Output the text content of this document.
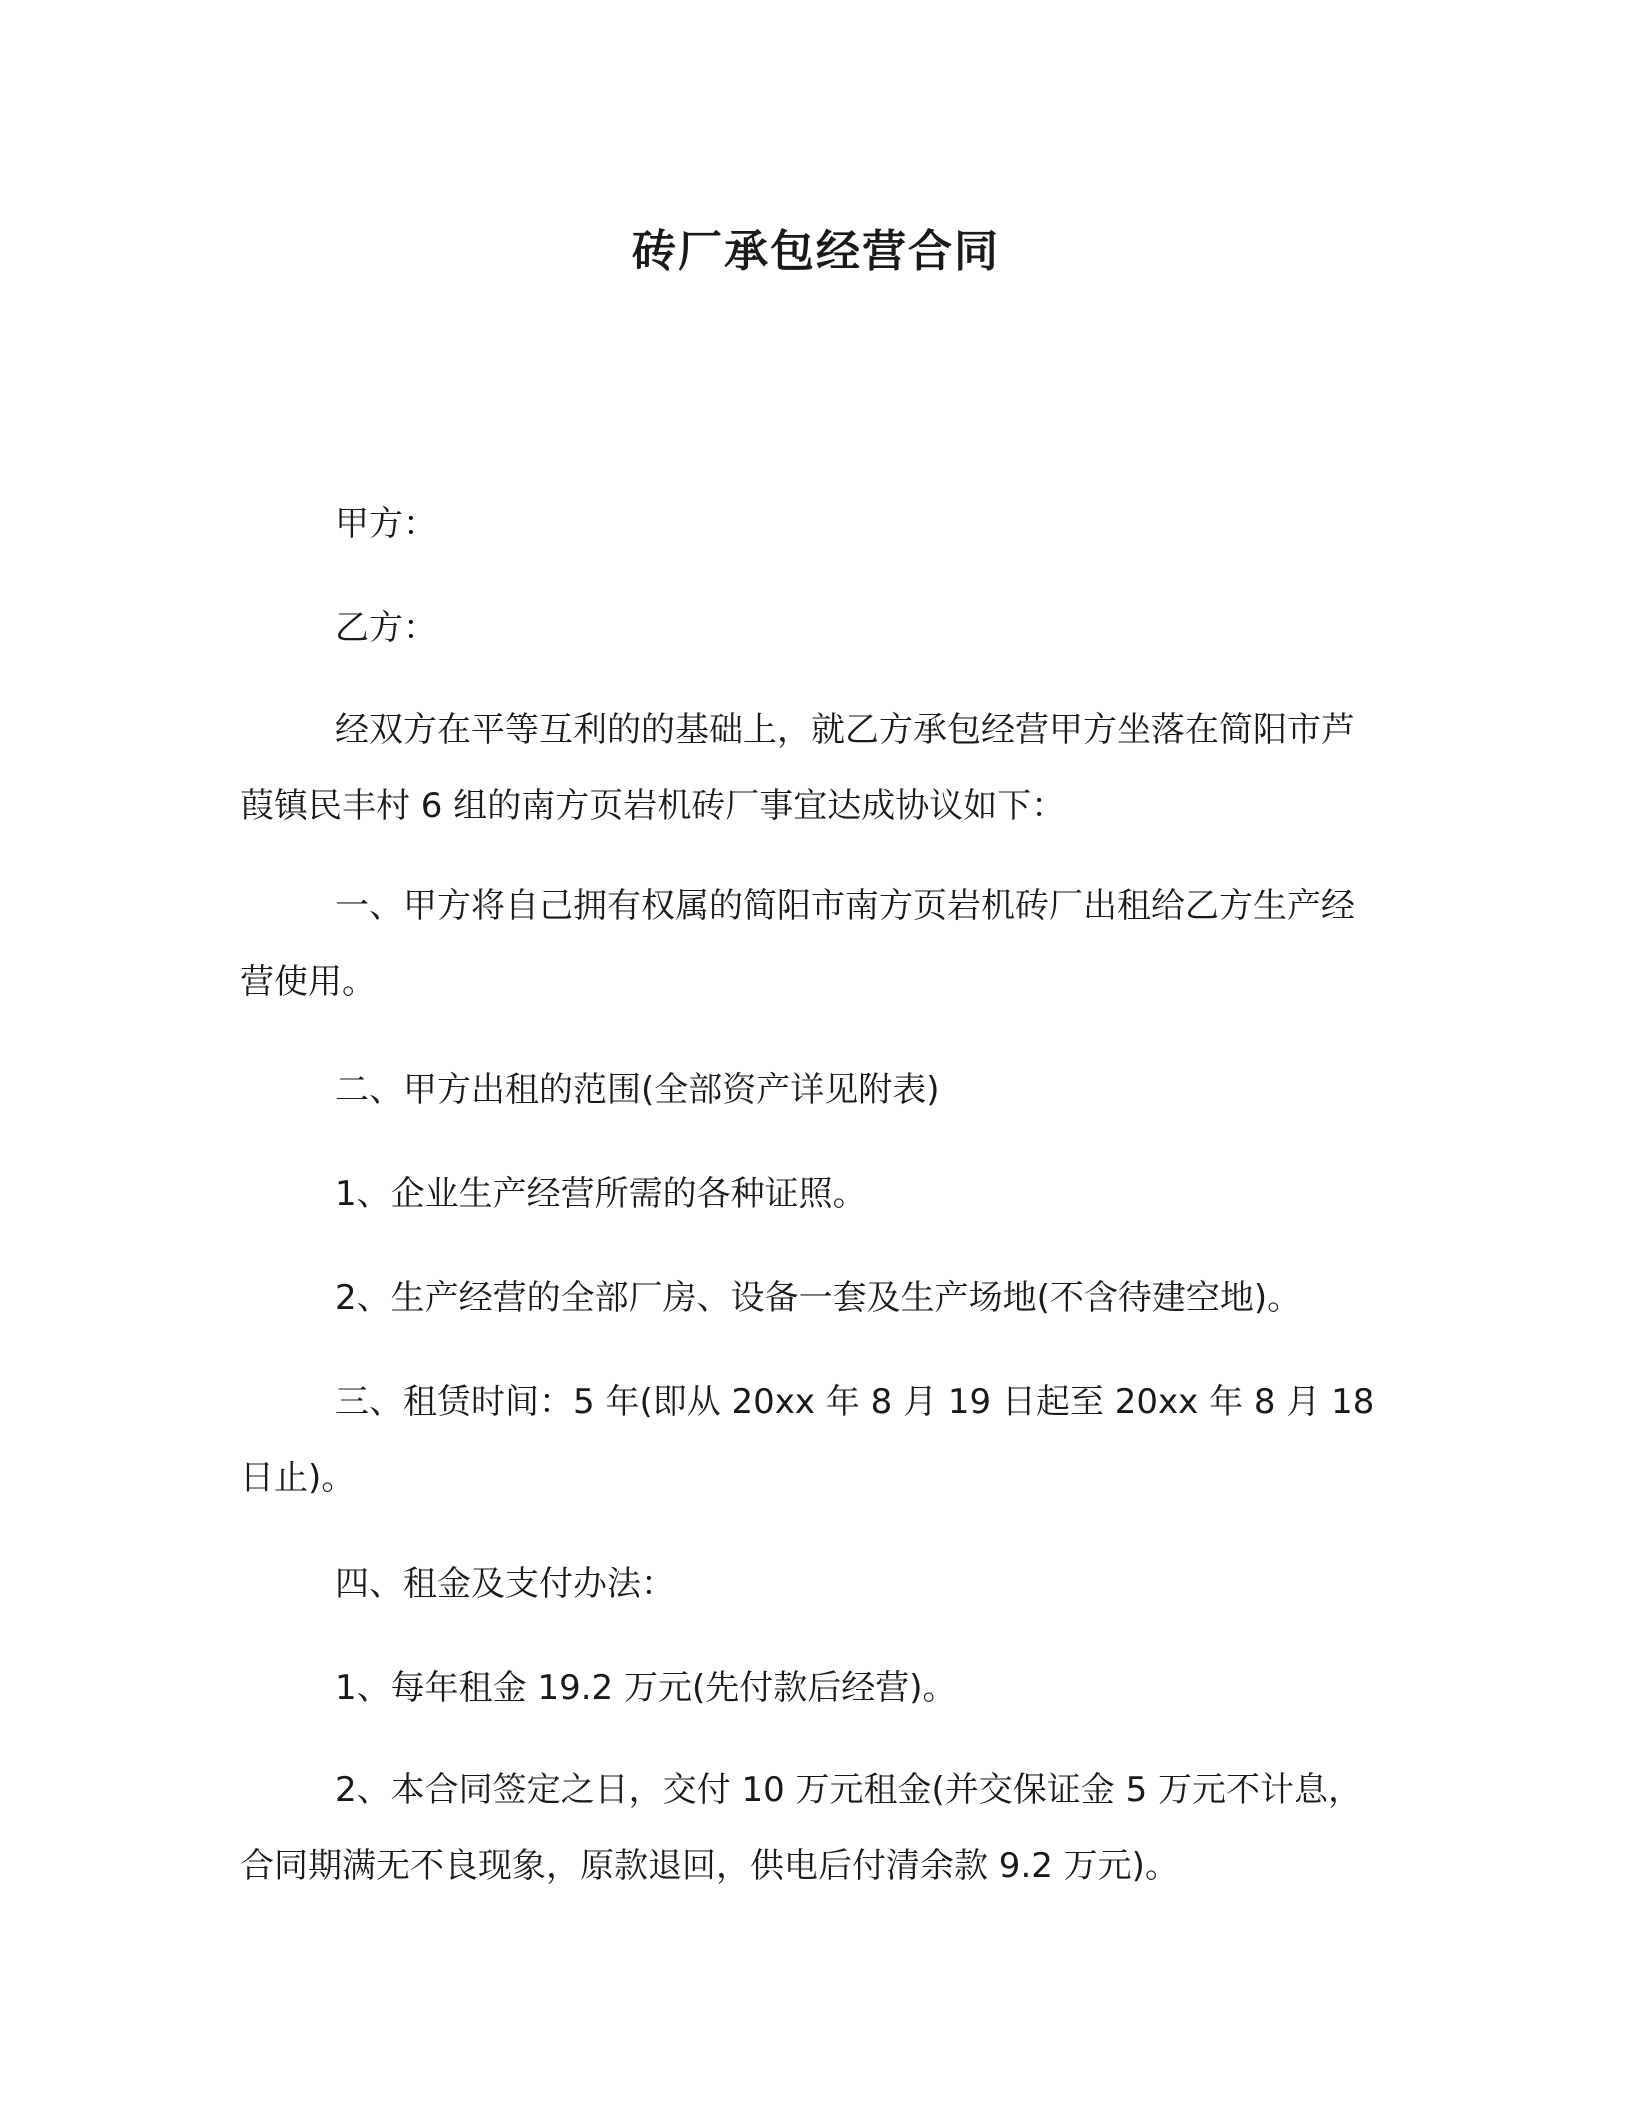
砖厂承包经营合同
甲方：
乙方：
经双方在平等互利的的基础上，就乙方承包经营甲方坐落在简阳市芦葭镇民丰村 6 组的南方页岩机砖厂事宜达成协议如下：
一、甲方将自己拥有权属的简阳市南方页岩机砖厂出租给乙方生产经营使用。
二、甲方出租的范围(全部资产详见附表)
1、企业生产经营所需的各种证照。
2、生产经营的全部厂房、设备一套及生产场地(不含待建空地)。
三、租赁时间：5 年(即从 20xx 年 8 月 19 日起至 20xx 年 8 月 18 日止)。
四、租金及支付办法：
1、每年租金 19.2 万元(先付款后经营)。
2、本合同签定之日，交付 10 万元租金(并交保证金 5 万元不计息，合同期满无不良现象，原款退回，供电后付清余款 9.2 万元)。
